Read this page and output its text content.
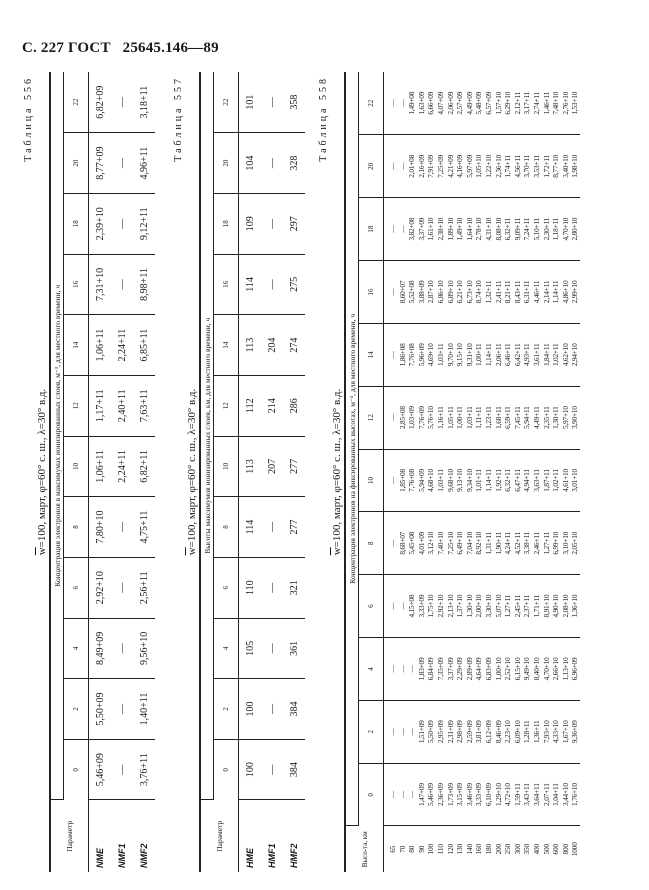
С. 227 ГОСТ 25645.146—89
Таблица 556
$\overline{w}=100$, март, φ=60° с. ш., λ=30° в.д.
Параметр	Концентрация электронов в максимумах ионизированных слоев, м⁻³, для местного времени, ч											
	0	2	4	6	8	10	12	14	16	18	20	22
NME	5,46+09	5,50+09	8,49+09	2,92+10	7,80+10	1,06+11	1,17+11	1,06+11	7,31+10	2,39+10	8,77+09	6,82+09
NMF1	—	—	—	—	—	2,24+11	2,40+11	2,24+11	—	—	—	—
NMF2	3,76+11	1,40+11	9,56+10	2,56+11	4,75+11	6,82+11	7,63+11	6,85+11	8,98+11	9,12+11	4,96+11	3,18+11 Таблица 557
$\overline{w}=100$, март, φ=60° с. ш., λ=30° в.д.
Параметр	Высоты максимумов ионизированных слоев, км, для местного времени, ч											
	0	2	4	6	8	10	12	14	16	18	20	22
HME	100	100	105	110	114	113	112	113	114	109	104	101
HMF1	—	—	—	—	—	207	214	204	—	—	—	—
HMF2	384	384	361	321	277	277	286	274	275	297	328	358 Таблица 558
$\overline{w}=100$, март, φ=60° с. ш., λ=30° в.д.
Высо-та, км	Концентрация электронов на фиксированных высотах, м⁻³, для местного времени, ч											
	0	2	4	6	8	10	12	14	16	18	20	22
65	—	—	—	—	—	—	—	—	—	—	—	—
70	—	—	—	—	8,68+07	1,85+08	2,85+08	1,86+08	8,60+07	—	—	—
80	—	—	—	4,15+08	5,45+08	7,76+08	1,03+09	7,76+08	5,52+08	3,82+08	2,01+08	1,49+08
90	1,47+09	1,51+09	1,83+09	3,33+09	4,01+09	5,94+09	7,76+09	5,96+09	3,88+09	3,37+09	2,16+09	1,63+09
100	5,46+09	5,50+09	6,84+09	1,75+10	3,12+10	4,68+10	5,76+10	4,69+10	2,87+10	1,61+10	7,91+09	6,66+09
110	2,36+09	2,95+09	7,35+09	2,92+10	7,40+10	1,03+11	1,16+11	1,03+11	6,86+10	2,38+10	7,25+09	4,07+09
120	1,73+09	2,31+09	3,37+09	2,13+10	7,25+10	9,68+10	1,05+11	9,70+10	6,89+10	1,89+10	4,21+09	2,06+09
130	3,15+09	2,98+09	2,29+09	1,37+10	6,49+10	9,13+10	1,00+11	9,15+10	6,21+10	1,49+10	4,16+09	2,57+09
140	3,46+09	2,59+09	2,89+09	1,30+10	7,04+10	9,34+10	1,03+11	9,31+10	6,73+10	1,64+10	5,97+09	4,49+09
160	3,33+09	3,81+09	4,64+09	2,00+10	8,92+10	1,01+11	1,11+11	1,00+11	8,74+10	2,78+10	1,05+10	5,48+09
180	6,10+09	6,12+09	6,83+09	3,30+10	1,31+11	1,14+11	1,23+11	1,14+11	1,32+11	4,31+10	1,22+10	6,57+09
200	1,29+10	8,46+09	1,00+10	5,07+10	1,90+11	1,92+11	1,68+11	2,06+11	2,41+11	8,08+10	2,36+10	1,57+10
250	4,72+10	2,23+10	2,52+10	1,27+11	4,24+11	6,32+11	6,59+11	6,46+11	8,21+11	6,32+11	1,74+11	6,29+10
300	1,59+11	6,09+10	6,15+10	2,45+11	4,52+11	6,47+11	7,45+11	6,42+11	8,43+11	9,09+11	4,56+11	2,12+11
350	3,43+11	1,28+11	9,49+10	2,37+11	3,38+11	4,94+11	5,94+11	4,93+11	6,31+11	7,24+11	3,70+11	3,17+11
400	3,64+11	1,36+11	8,40+10	1,71+11	2,46+11	3,63+11	4,49+11	3,61+11	4,46+11	5,10+11	3,53+11	2,74+11
500	2,07+11	7,93+10	4,70+10	8,91+10	1,27+11	1,87+11	2,35+11	1,84+11	2,14+11	2,30+11	1,72+11	1,46+11
600	1,04+11	4,33+10	2,66+10	4,90+10	6,99+10	1,02+11	1,30+11	1,02+11	1,14+11	1,18+11	8,77+10	7,48+10
800	3,44+10	1,67+10	1,13+10	2,08+10	3,10+10	4,61+10	5,97+10	4,62+10	4,86+10	4,70+10	3,40+10	2,76+10
1000	1,76+10	9,36+09	6,96+09	1,36+10	2,05+10	3,01+10	3,90+10	2,94+10	2,99+10	2,80+10	1,98+10	1,53+10
